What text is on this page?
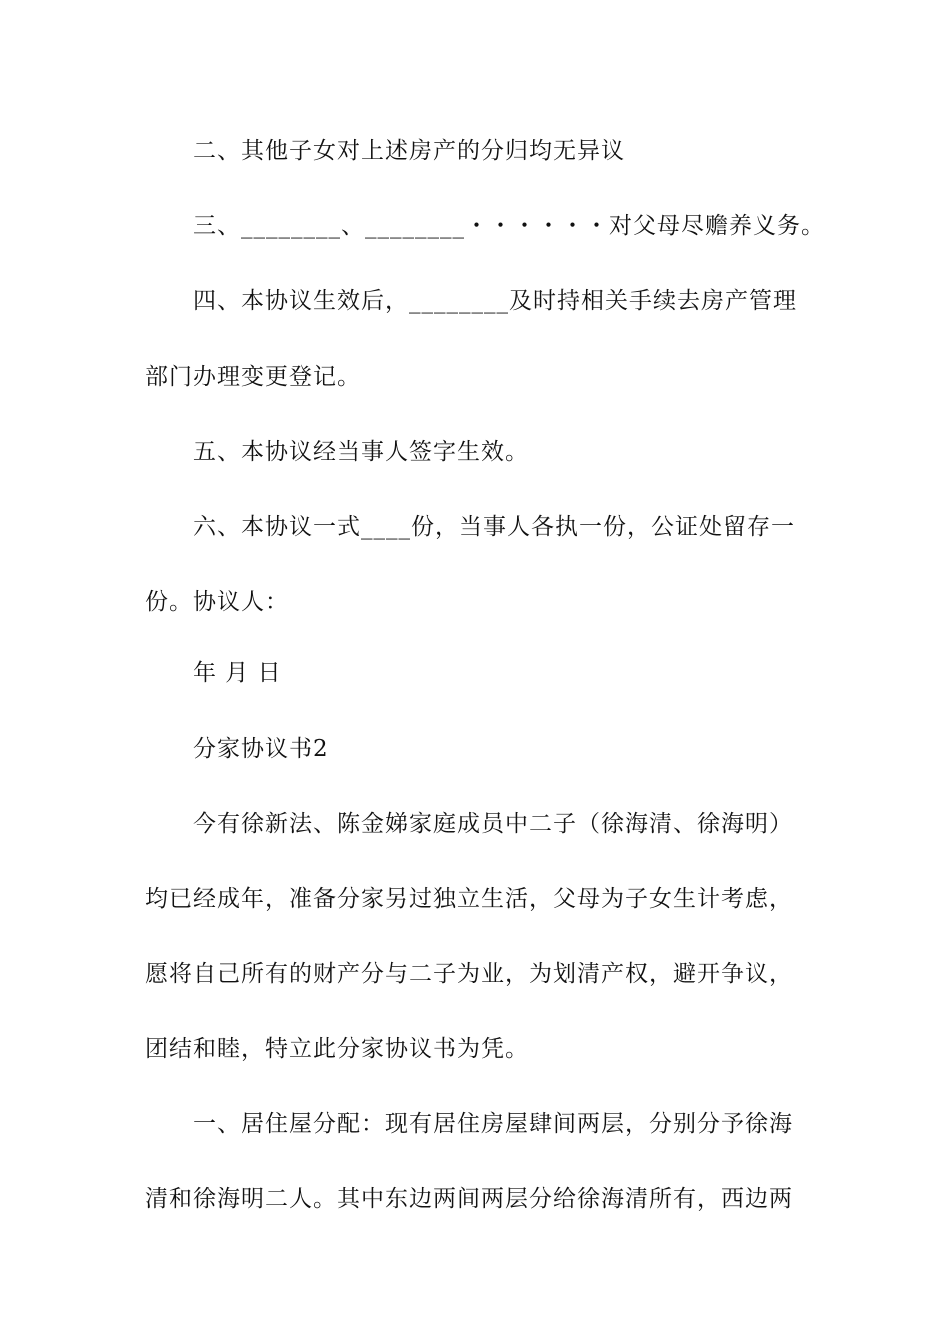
二、其他子女对上述房产的分归均无异议
三、________、________・・・・・・对父母尽赡养义务。
四、本协议生效后，________及时持相关手续去房产管理
部门办理变更登记。
五、本协议经当事人签字生效。
六、本协议一式____份，当事人各执一份，公证处留存一
份。协议人：
年 月 日
分家协议书2
今有徐新法、陈金娣家庭成员中二子（徐海清、徐海明）
均已经成年，准备分家另过独立生活，父母为子女生计考虑，
愿将自己所有的财产分与二子为业，为划清产权，避开争议，
团结和睦，特立此分家协议书为凭。
一、居住屋分配：现有居住房屋肆间两层，分别分予徐海
清和徐海明二人。其中东边两间两层分给徐海清所有，西边两
